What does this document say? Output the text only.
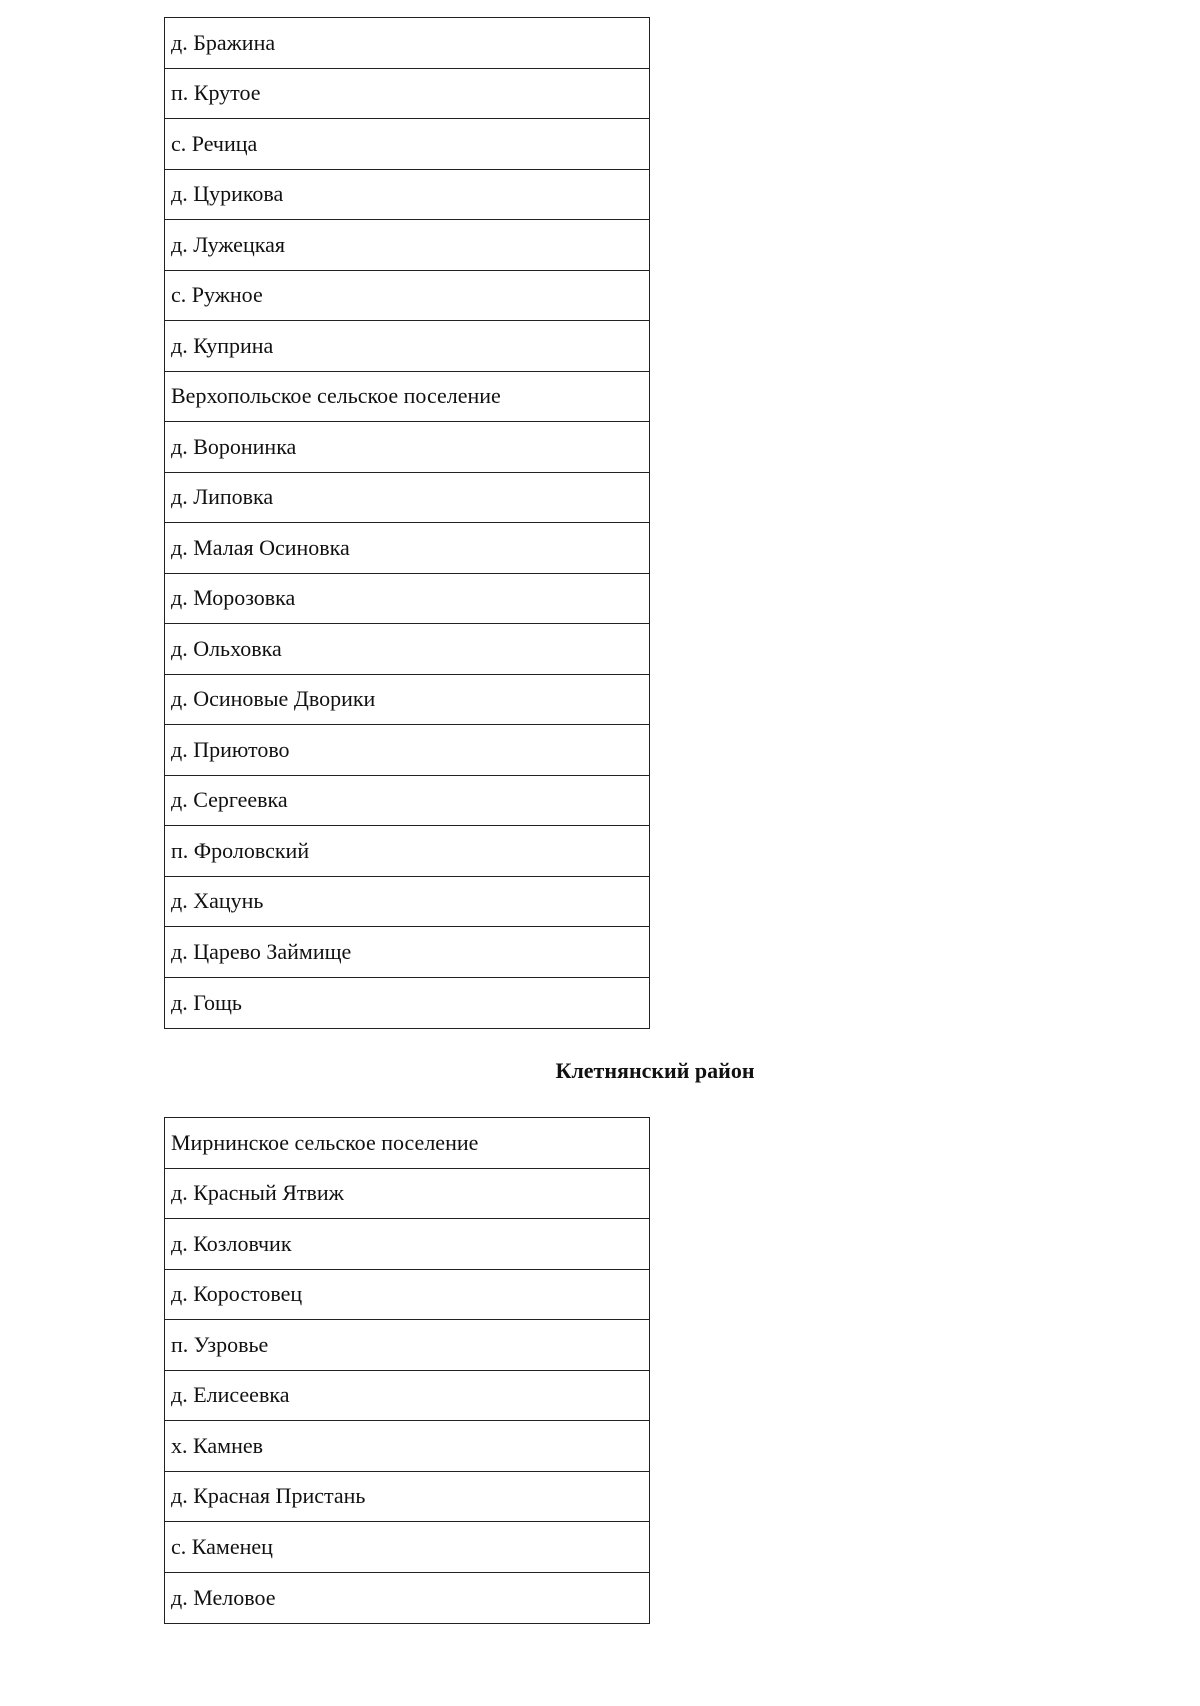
д. Бражина
п. Крутое
с. Речица
д. Цурикова
д. Лужецкая
с. Ружное
д. Куприна
Верхопольское сельское поселение
д. Воронинка
д. Липовка
д. Малая Осиновка
д. Морозовка
д. Ольховка
д. Осиновые Дворики
д. Приютово
д. Сергеевка
п. Фроловский
д. Хацунь
д. Царево Займище
д. Гощь
Клетнянский район
Мирнинское сельское поселение
д. Красный Ятвиж
д. Козловчик
д. Коростовец
п. Узровье
д. Елисеевка
х. Камнев
д. Красная Пристань
с. Каменец
д. Меловое
